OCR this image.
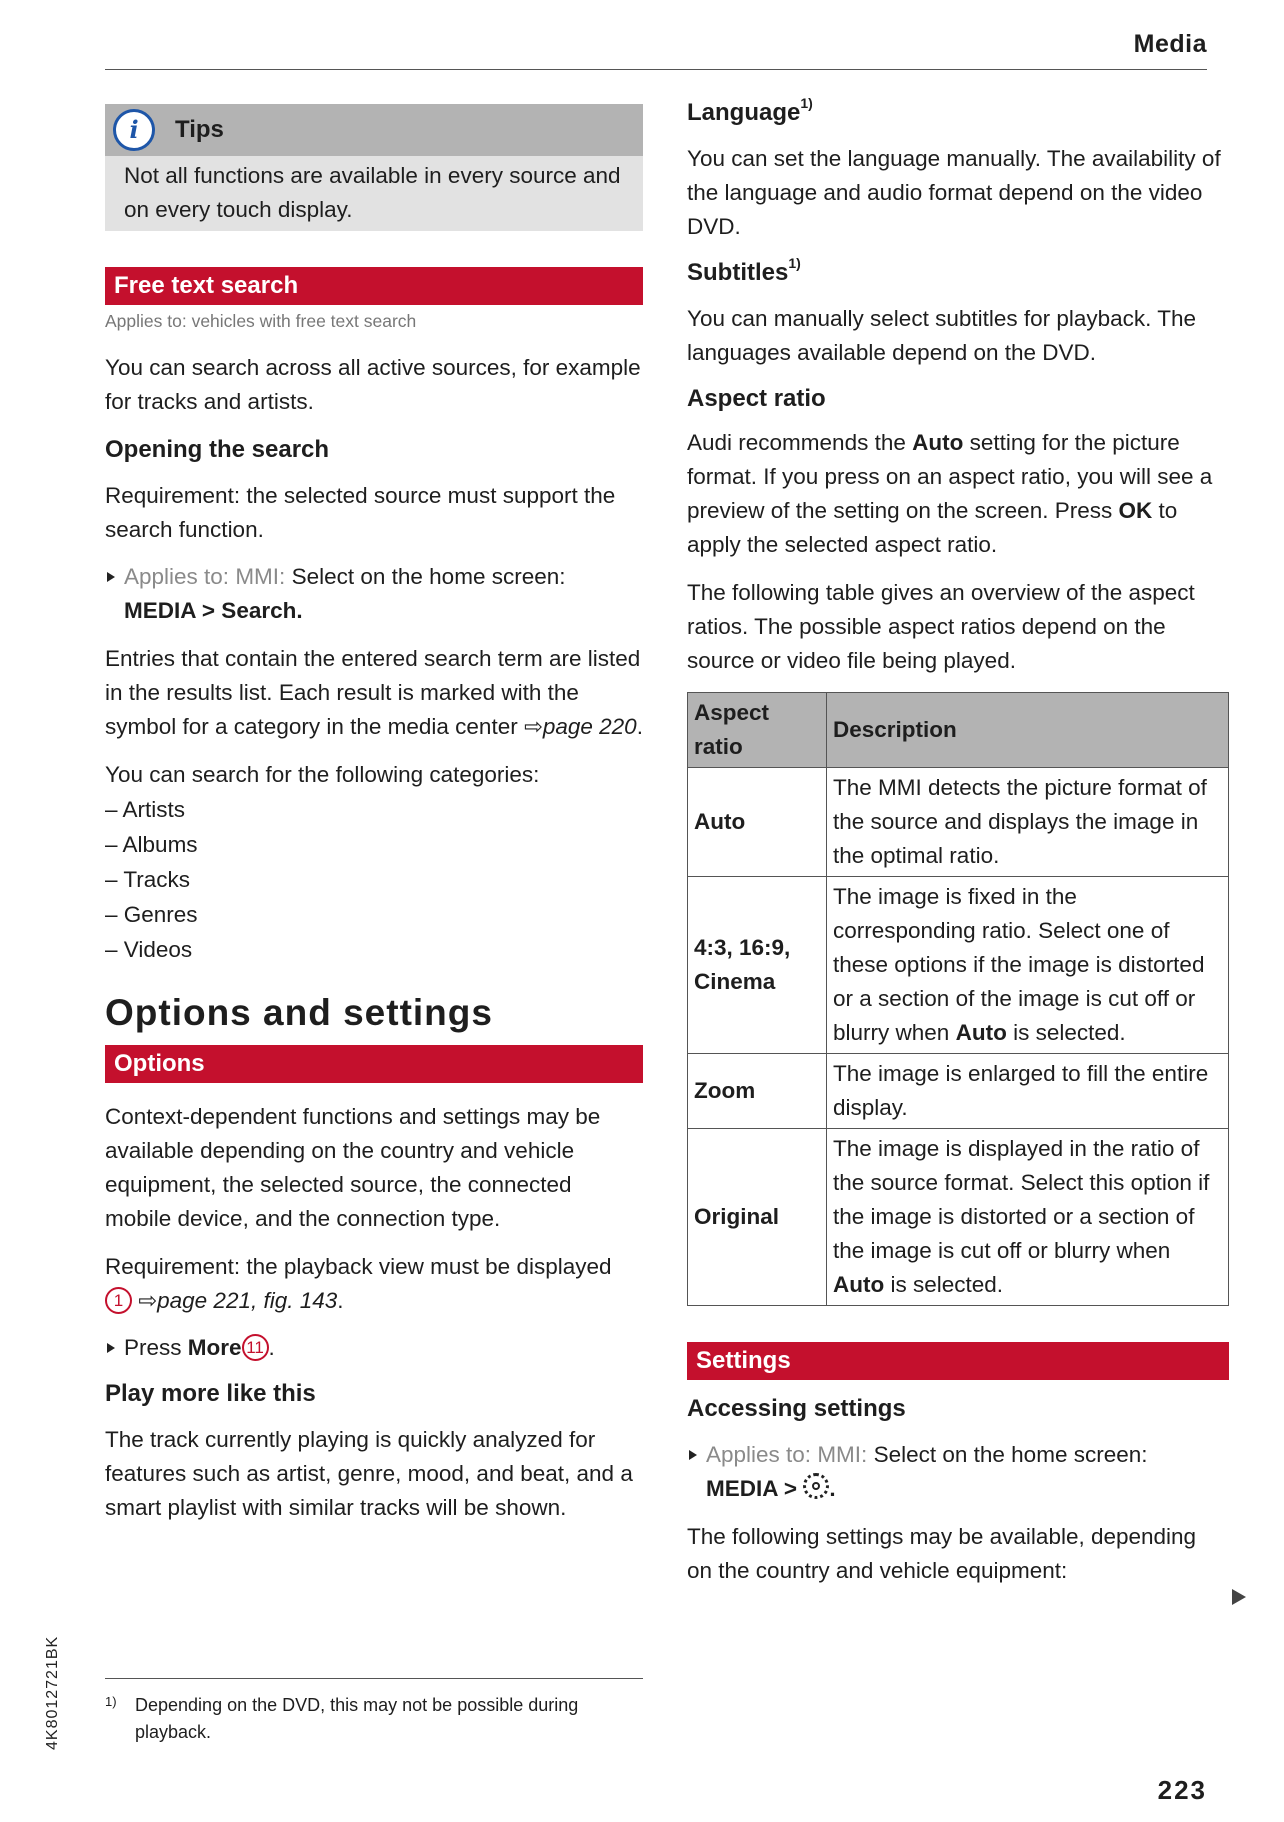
Media
i	Tips
Not all functions are available in every source and on every touch display.
Free text search
Applies to: vehicles with free text search

You can search across all active sources, for example for tracks and artists.

Opening the search

Requirement: the selected source must support the search function.

Applies to: MMI: Select on the home screen:
MEDIA > Search.

Entries that contain the entered search term are listed in the results list. Each result is marked with the symbol for a category in the media center ⇨page 220.

You can search for the following categories:

– Artists
– Albums
– Tracks
– Genres
– Videos
Options and settings
Options

Context-dependent functions and settings may be available depending on the country and vehicle equipment, the selected source, the connected mobile device, and the connection type.

Requirement: the playback view must be displayed 1 ⇨page 221, fig. 143.

Press More 11 .
Play more like this

The track currently playing is quickly analyzed for features such as artist, genre, mood, and beat, and a smart playlist with similar tracks will be shown.

1)	Depending on the DVD, this may not be possible during playback.
Language$^{1)}$

You can set the language manually. The availability of the language and audio format depend on the video DVD.

Subtitles$^{1)}$

You can manually select subtitles for playback. The languages available depend on the DVD.

Aspect ratio

Audi recommends the Auto setting for the picture format. If you press on an aspect ratio, you will see a preview of the setting on the screen. Press OK to apply the selected aspect ratio.

The following table gives an overview of the aspect ratios. The possible aspect ratios depend on the source or video file being played.

Aspect ratio	Description
Auto	The MMI detects the picture format of the source and displays the image in the optimal ratio.
4:3, 16:9, Cinema	The image is fixed in the corresponding ratio. Select one of these options if the image is distorted or a section of the image is cut off or blurry when Auto is selected.
Zoom	The image is enlarged to fill the entire display.
Original	The image is displayed in the ratio of the source format. Select this option if the image is distorted or a section of the image is cut off or blurry when Auto is selected.
Settings
Accessing settings
Applies to: MMI: Select on the home screen:
MEDIA > .

The following settings may be available, depending on the country and vehicle equipment:

4K8012721BK
223
